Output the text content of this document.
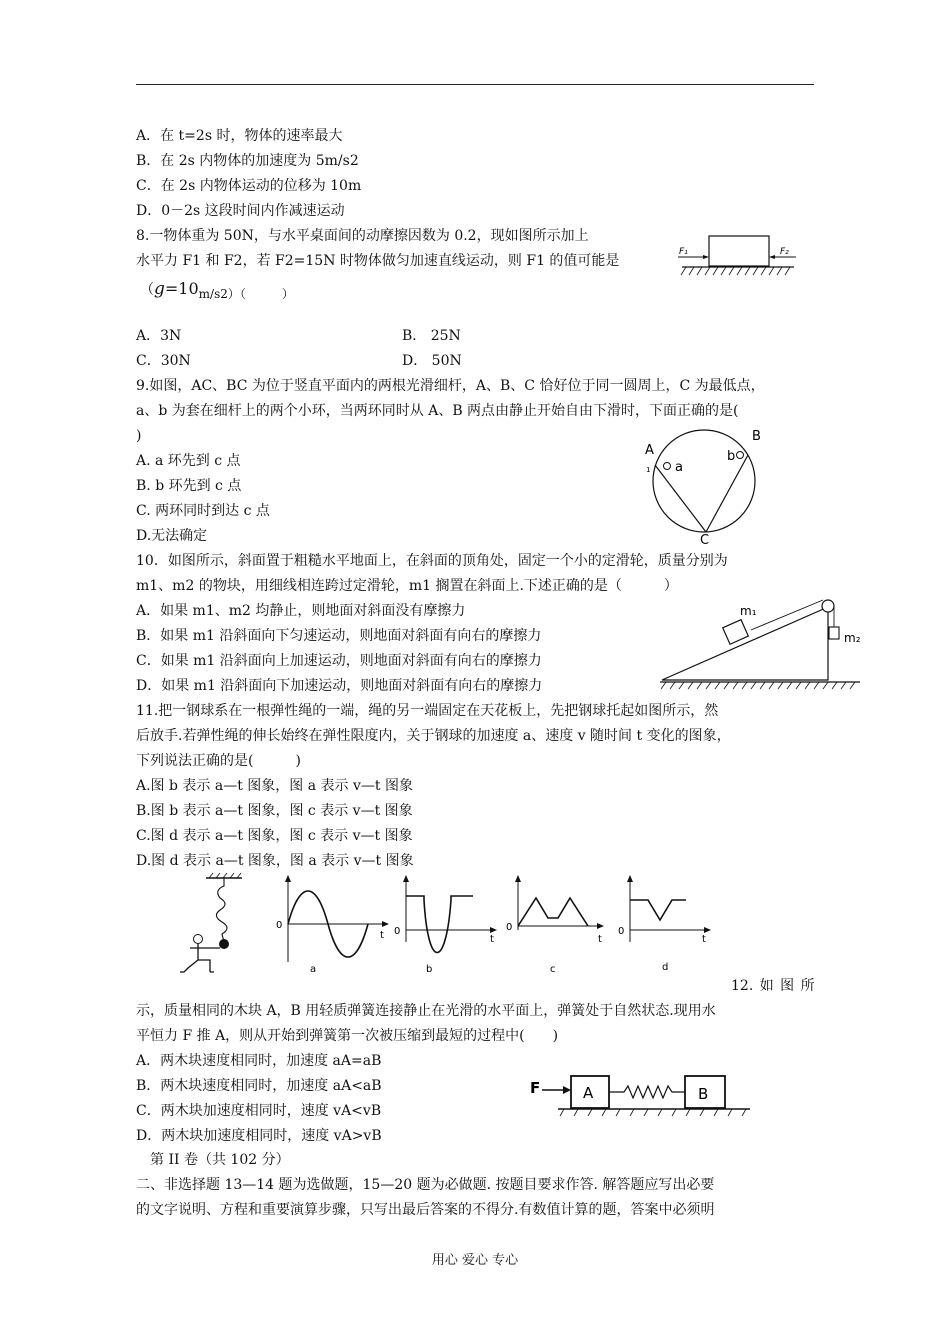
A．在 t=2s 时，物体的速率最大
B．在 2s 内物体的加速度为 5m/s2
C．在 2s 内物体运动的位移为 10m
D．0－2s 这段时间内作减速运动
8.一物体重为 50N，与水平桌面间的动摩擦因数为 0.2，现如图所示加上
水平力 F1 和 F2，若 F2=15N 时物体做匀加速直线运动，则 F1 的值可能是
（g=10m/s2）（　　　）
A．3N	B． 25N
C．30N	D． 50N
F₁	F₂
9.如图，AC、BC 为位于竖直平面内的两根光滑细杆，A、B、C 恰好位于同一圆周上，C 为最低点，
a、b 为套在细杆上的两个小环，当两环同时从 A、B 两点由静止开始自由下滑时，下面正确的是(
)
A. a 环先到 c 点
B. b 环先到 c 点
C. 两环同时到达 c 点
D.无法确定
A
B
C
a
b
1
10．如图所示，斜面置于粗糙水平地面上，在斜面的顶角处，固定一个小的定滑轮，质量分别为
m1、m2 的物块，用细线相连跨过定滑轮，m1 搁置在斜面上.下述正确的是（　　　）
A．如果 m1、m2 均静止，则地面对斜面没有摩擦力
B．如果 m1 沿斜面向下匀速运动，则地面对斜面有向右的摩擦力
C．如果 m1 沿斜面向上加速运动，则地面对斜面有向右的摩擦力
D．如果 m1 沿斜面向下加速运动，则地面对斜面有向右的摩擦力
m₁
m₂
11.把一钢球系在一根弹性绳的一端，绳的另一端固定在天花板上，先把钢球托起如图所示，然
后放手.若弹性绳的伸长始终在弹性限度内，关于钢球的加速度 a、速度 v 随时间 t 变化的图象，
下列说法正确的是(　　　)
A.图 b 表示 a—t 图象，图 a 表示 v—t 图象
B.图 b 表示 a—t 图象，图 c 表示 v—t 图象
C.图 d 表示 a—t 图象，图 c 表示 v—t 图象
D.图 d 表示 a—t 图象，图 a 表示 v—t 图象
0
t
a
0
t
b
0
t
c
0
t
d
12. 如 图 所
示，质量相同的木块 A，B 用轻质弹簧连接静止在光滑的水平面上，弹簧处于自然状态.现用水
平恒力 F 推 A，则从开始到弹簧第一次被压缩到最短的过程中(　　)
A．两木块速度相同时，加速度 aA=aB
B．两木块速度相同时，加速度 aA<aB
C．两木块加速度相同时，速度 vA<vB
D．两木块加速度相同时，速度 vA>vB
F	A	B
　第 II 卷（共 102 分）
二、非选择题 13—14 题为选做题，15—20 题为必做题. 按题目要求作答. 解答题应写出必要
的文字说明、方程和重要演算步骤，只写出最后答案的不得分.有数值计算的题，答案中必须明
用心 爱心 专心
